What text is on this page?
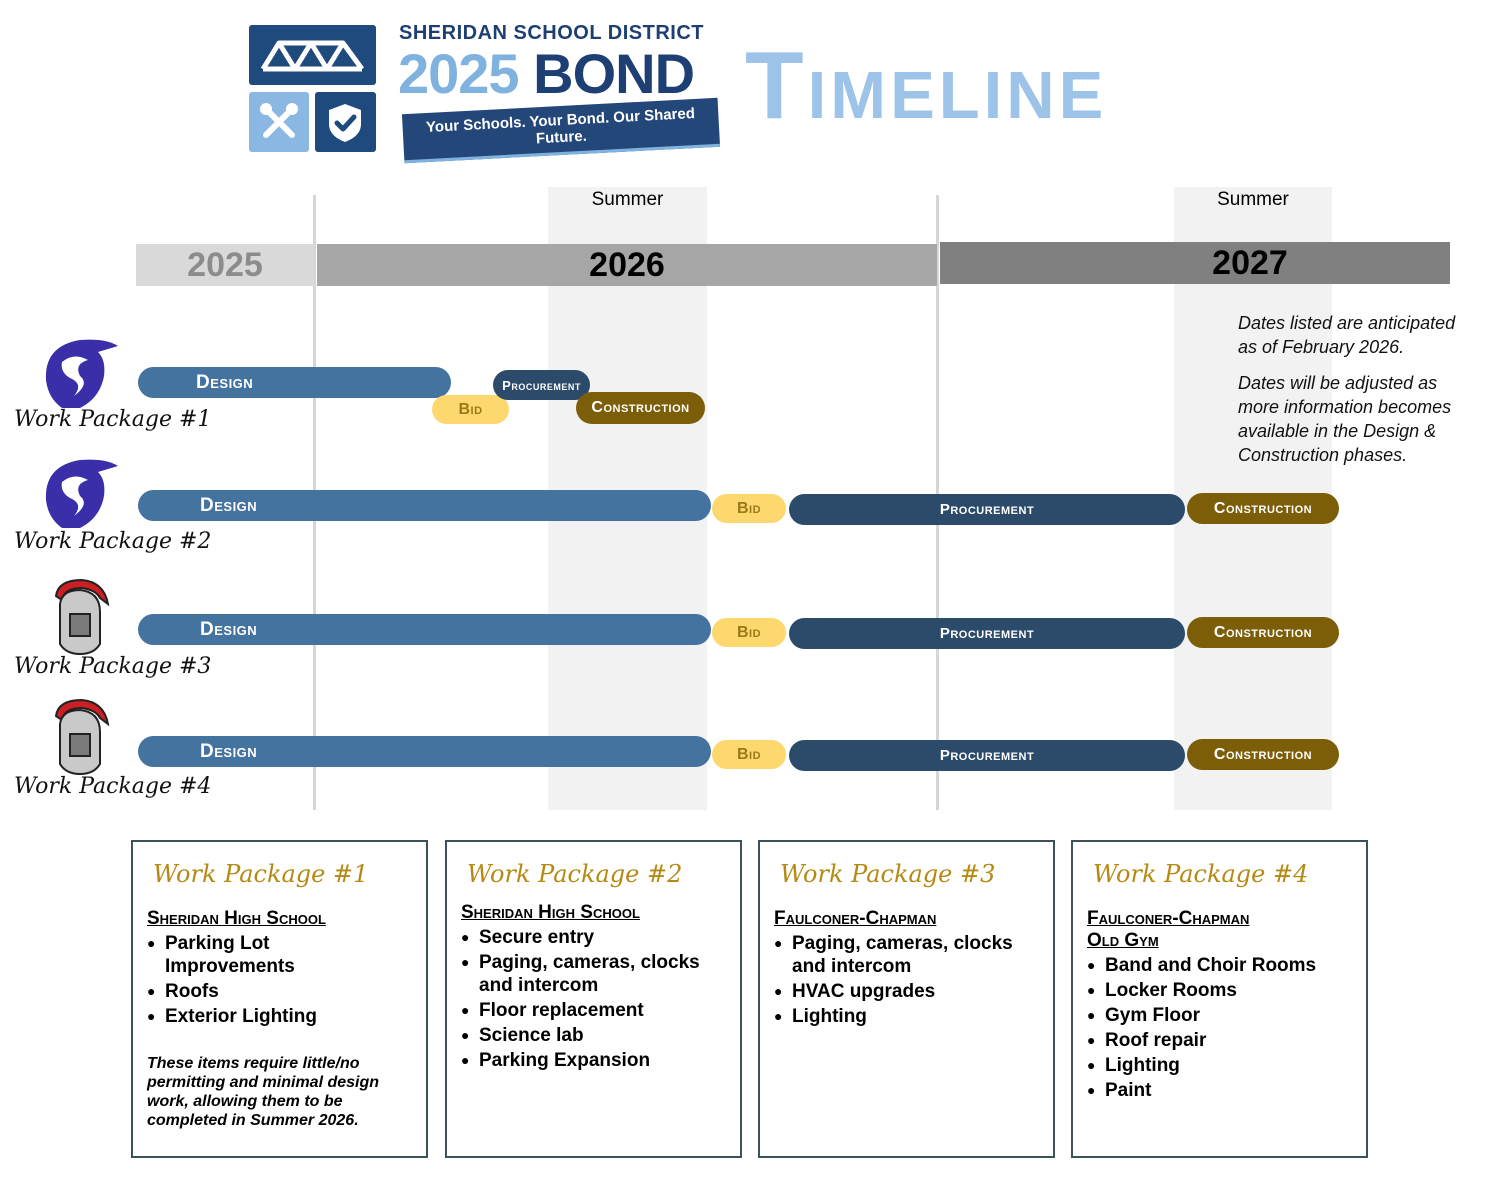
SHERIDAN SCHOOL DISTRICT
2025 BOND
Your Schools. Your Bond. Our Shared Future.	Timeline
Summer	Summer
2025	2026	2027
Dates listed are anticipated as of February 2026.
Dates will be adjusted as more information becomes available in the Design & Construction phases.
Work Package #1
Design
Bid
Procurement
Construction
Work Package #2
Design	Bid	Procurement	Construction
Work Package #3
Design	Bid	Procurement	Construction
Work Package #4
Design	Bid	Procurement	Construction
Work Package #1
Sheridan High School
● Parking Lot Improvements
● Roofs
● Exterior Lighting
These items require little/no permitting and minimal design work, allowing them to be completed in Summer 2026.
Work Package #2
Sheridan High School
● Secure entry
● Paging, cameras, clocks and intercom
● Floor replacement
● Science lab
● Parking Expansion
Work Package #3
Faulconer-Chapman
● Paging, cameras, clocks and intercom
● HVAC upgrades
● Lighting
Work Package #4
Faulconer-Chapman
Old Gym
● Band and Choir Rooms
● Locker Rooms
● Gym Floor
● Roof repair
● Lighting
● Paint
